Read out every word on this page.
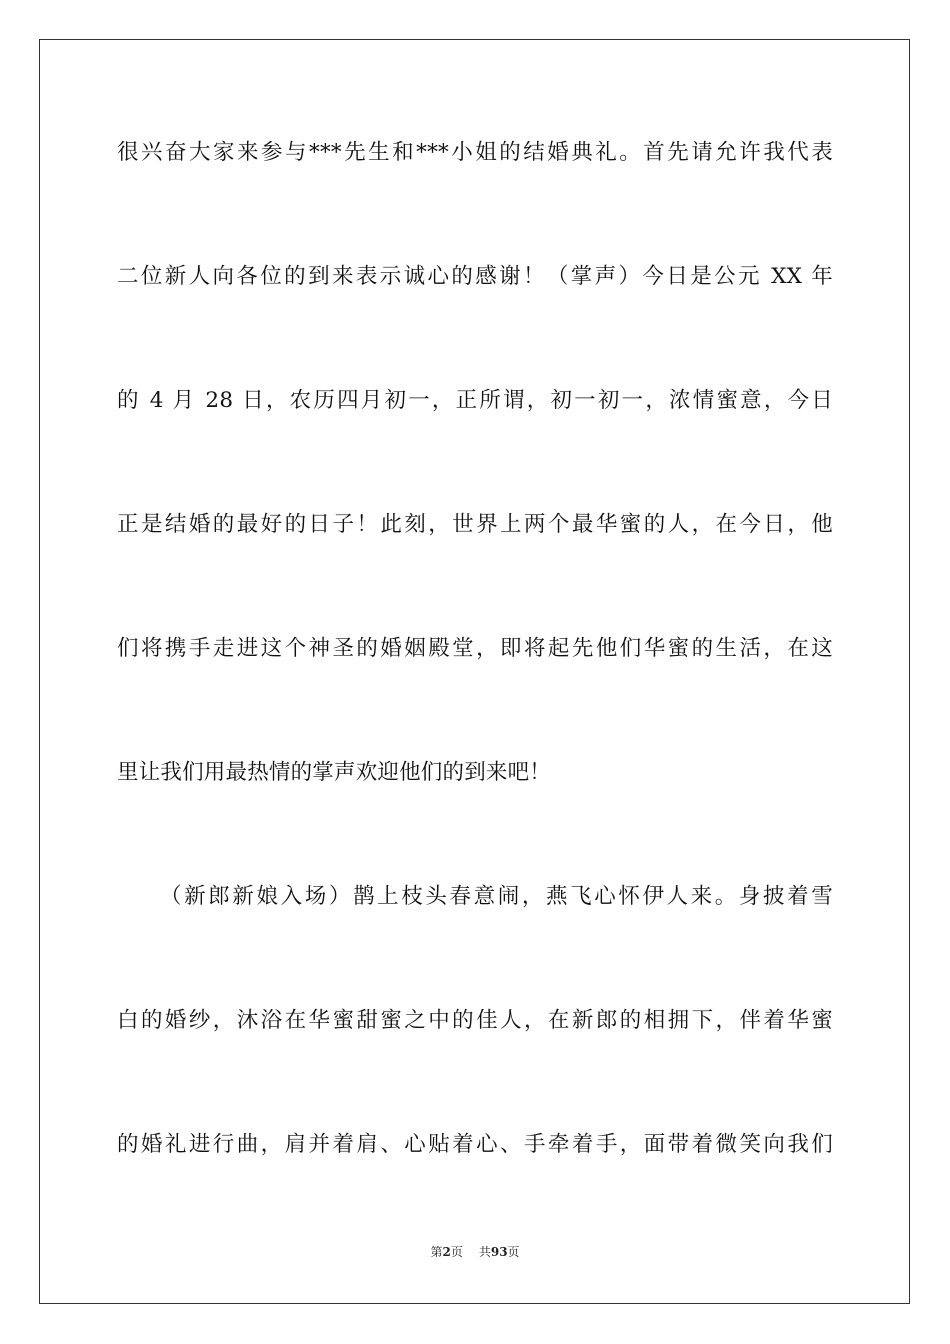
很兴奋大家来参与***先生和***小姐的结婚典礼。首先请允许我代表
二位新人向各位的到来表示诚心的感谢！（掌声）今日是公元 XX 年
的 4 月 28 日，农历四月初一，正所谓，初一初一，浓情蜜意，今日
正是结婚的最好的日子！此刻，世界上两个最华蜜的人，在今日，他
们将携手走进这个神圣的婚姻殿堂，即将起先他们华蜜的生活，在这
里让我们用最热情的掌声欢迎他们的到来吧！
（新郎新娘入场）鹊上枝头春意闹，燕飞心怀伊人来。身披着雪
白的婚纱，沐浴在华蜜甜蜜之中的佳人，在新郎的相拥下，伴着华蜜
的婚礼进行曲，肩并着肩、心贴着心、手牵着手，面带着微笑向我们
第2页 共93页
